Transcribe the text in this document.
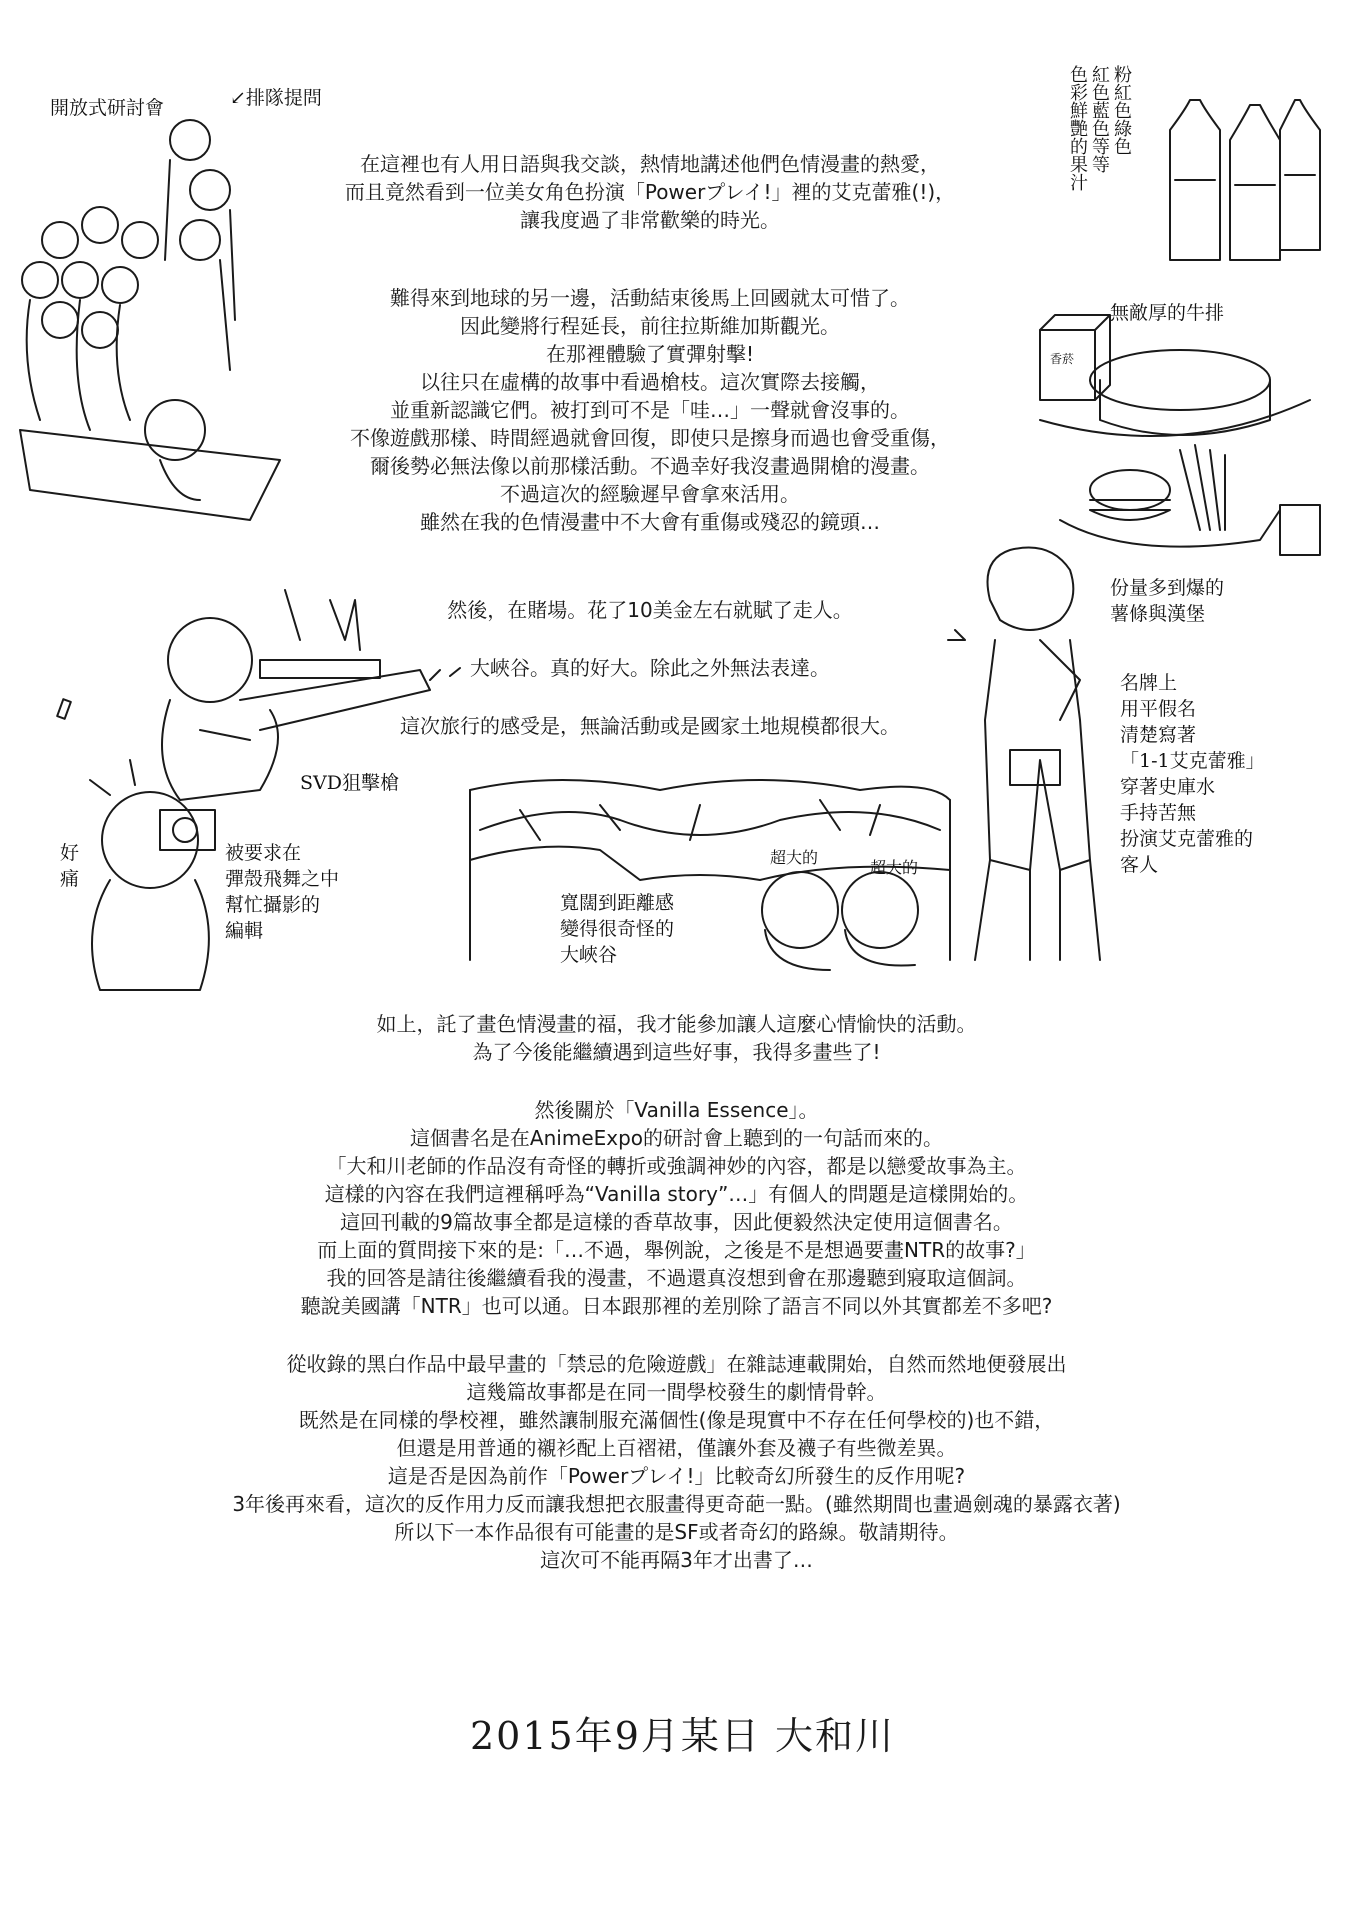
在這裡也有人用日語與我交談，熱情地講述他們色情漫畫的熱愛，
而且竟然看到一位美女角色扮演「Powerプレイ!」裡的艾克蕾雅(!)，
讓我度過了非常歡樂的時光。
難得來到地球的另一邊，活動結束後馬上回國就太可惜了。
因此變將行程延長，前往拉斯維加斯觀光。
在那裡體驗了實彈射擊!
以往只在虛構的故事中看過槍枝。這次實際去接觸，
並重新認識它們。被打到可不是「哇…」一聲就會沒事的。
不像遊戲那樣、時間經過就會回復，即使只是擦身而過也會受重傷，
爾後勢必無法像以前那樣活動。不過幸好我沒畫過開槍的漫畫。
不過這次的經驗遲早會拿來活用。
雖然在我的色情漫畫中不大會有重傷或殘忍的鏡頭…
然後，在賭場。花了10美金左右就賦了走人。
大峽谷。真的好大。除此之外無法表達。
這次旅行的感受是，無論活動或是國家土地規模都很大。
如上，託了畫色情漫畫的福，我才能參加讓人這麼心情愉快的活動。
為了今後能繼續遇到這些好事，我得多畫些了!
然後關於「Vanilla Essence」。
這個書名是在AnimeExpo的研討會上聽到的一句話而來的。
「大和川老師的作品沒有奇怪的轉折或強調神妙的內容，都是以戀愛故事為主。
這樣的內容在我們這裡稱呼為“Vanilla story”…」有個人的問題是這樣開始的。
這回刊載的9篇故事全都是這樣的香草故事，因此便毅然決定使用這個書名。
而上面的質問接下來的是:「…不過，舉例說，之後是不是想過要畫NTR的故事?」
我的回答是請往後繼續看我的漫畫，不過還真沒想到會在那邊聽到寢取這個詞。
聽說美國講「NTR」也可以通。日本跟那裡的差別除了語言不同以外其實都差不多吧?
從收錄的黑白作品中最早畫的「禁忌的危險遊戲」在雜誌連載開始，自然而然地便發展出
這幾篇故事都是在同一間學校發生的劇情骨幹。
既然是在同樣的學校裡，雖然讓制服充滿個性(像是現實中不存在任何學校的)也不錯，
但還是用普通的襯衫配上百褶裙，僅讓外套及襪子有些微差異。
這是否是因為前作「Powerプレイ!」比較奇幻所發生的反作用呢?
3年後再來看，這次的反作用力反而讓我想把衣服畫得更奇葩一點。(雖然期間也畫過劍魂的暴露衣著)
所以下一本作品很有可能畫的是SF或者奇幻的路線。敬請期待。
這次可不能再隔3年才出書了…
2015年9月某日 大和川
開放式研討會	↙排隊提問	粉紅色綠色
紅色藍色等等
色彩鮮艷的果汁
無敵厚的牛排
香菸
份量多到爆的
薯條與漢堡
名牌上
用平假名
清楚寫著
「1-1艾克蕾雅」
穿著史庫水
手持苦無
扮演艾克蕾雅的
客人
SVD狙擊槍
好痛
被要求在
彈殼飛舞之中
幫忙攝影的
編輯
寬闊到距離感
變得很奇怪的
大峽谷
超大的
超大的
